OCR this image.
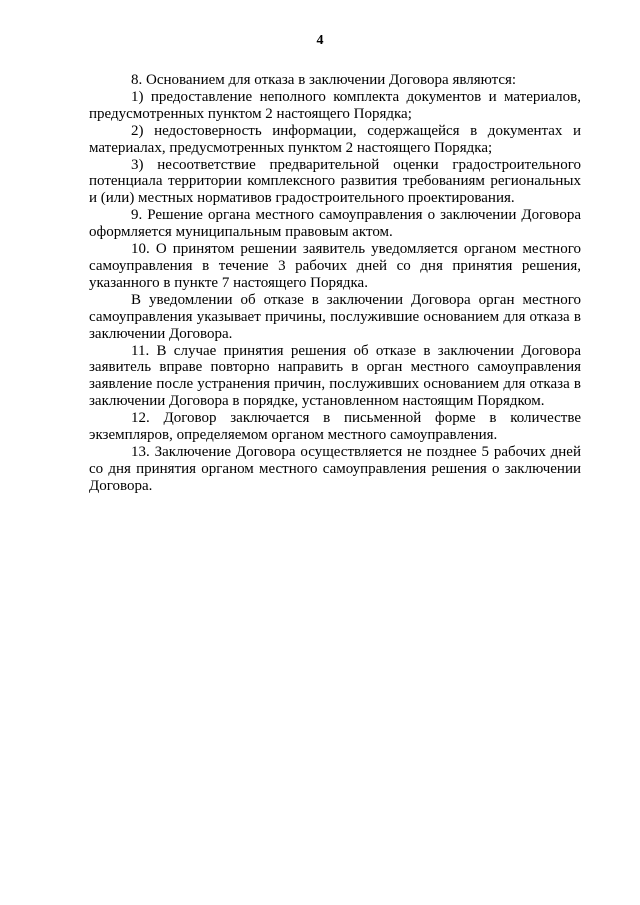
4

8. Основанием для отказа в заключении Договора являются:

1) предоставление неполного комплекта документов и материалов, предусмотренных пунктом 2 настоящего Порядка;

2) недостоверность информации, содержащейся в документах и материалах, предусмотренных пунктом 2 настоящего Порядка;

3) несоответствие предварительной оценки градостроительного потенциала территории комплексного развития требованиям региональных и (или) местных нормативов градостроительного проектирования.

9. Решение органа местного самоуправления о заключении Договора оформляется муниципальным правовым актом.

10. О принятом решении заявитель уведомляется органом местного самоуправления в течение 3 рабочих дней со дня принятия решения, указанного в пункте 7 настоящего Порядка.

В уведомлении об отказе в заключении Договора орган местного самоуправления указывает причины, послужившие основанием для отказа в заключении Договора.

11. В случае принятия решения об отказе в заключении Договора заявитель вправе повторно направить в орган местного самоуправления заявление после устранения причин, послуживших основанием для отказа в заключении Договора в порядке, установленном настоящим Порядком.

12. Договор заключается в письменной форме в количестве экземпляров, определяемом органом местного самоуправления.

13. Заключение Договора осуществляется не позднее 5 рабочих дней со дня принятия органом местного самоуправления решения о заключении Договора.
